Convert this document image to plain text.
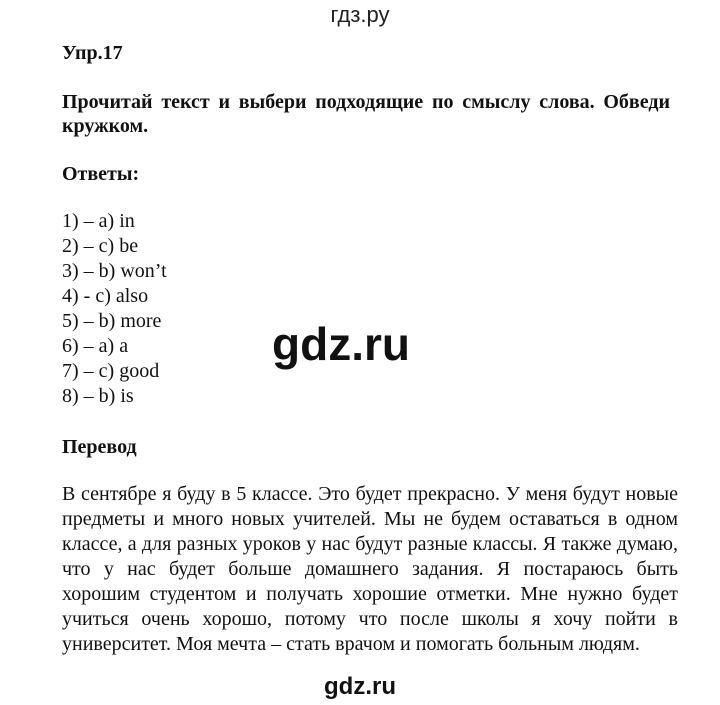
гдз.ру
Упр.17
Прочитай текст и выбери подходящие по смыслу слова. Обведи кружком.
Ответы:
1) – a) in
2) – c) be
3) – b) won’t
4) - c) also
5) – b) more
6) – a) a
7) – c) good
8) – b) is
gdz.ru
Перевод

В сентябре я буду в 5 классе. Это будет прекрасно. У меня будут новые предметы и много новых учителей. Мы не будем оставаться в одном классе, а для разных уроков у нас будут разные классы. Я также думаю, что у нас будет больше домашнего задания. Я постараюсь быть хорошим студентом и получать хорошие отметки. Мне нужно будет учиться очень хорошо, потому что после школы я хочу пойти в университет. Моя мечта – стать врачом и помогать больным людям.

gdz.ru
